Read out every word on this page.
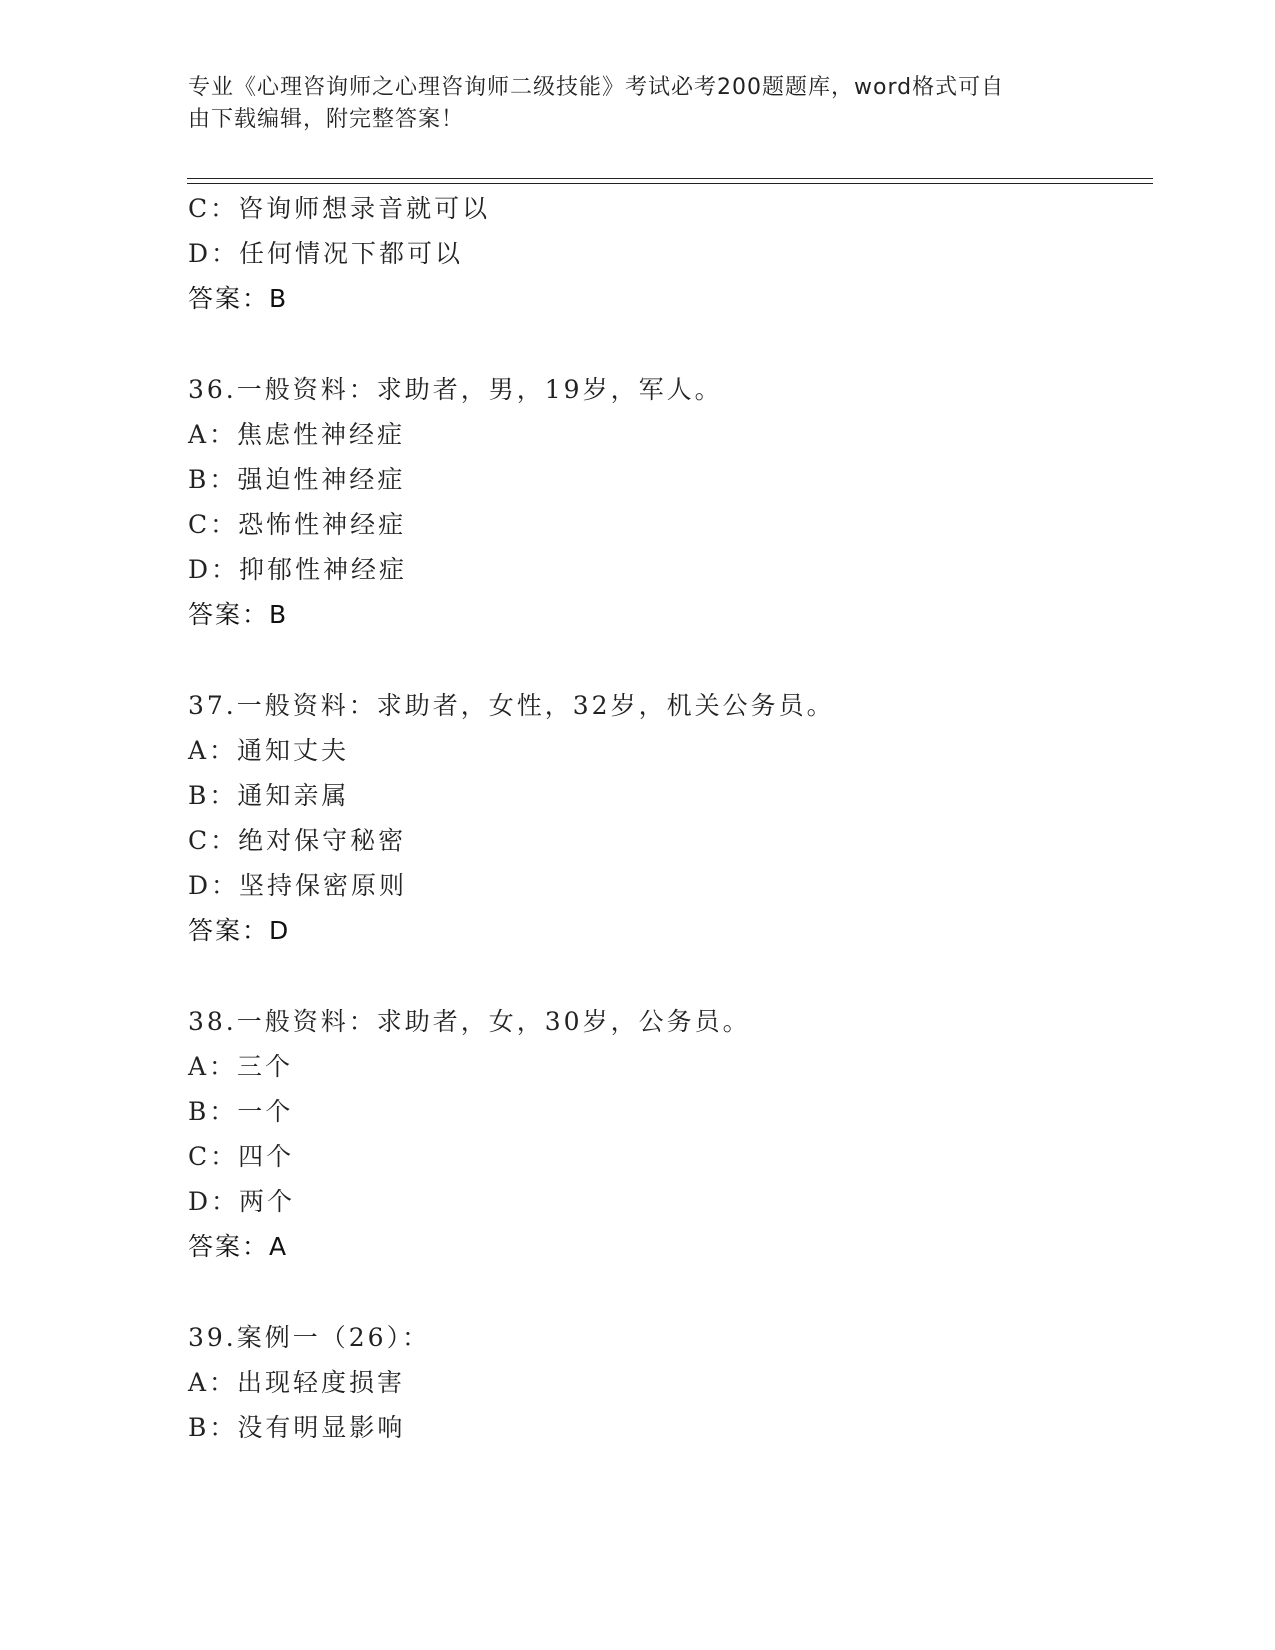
专业《心理咨询师之心理咨询师二级技能》考试必考200题题库，word格式可自
由下载编辑，附完整答案！
C：咨询师想录音就可以
D：任何情况下都可以
答案：B
36.一般资料：求助者，男，19岁，军人。
A：焦虑性神经症
B：强迫性神经症
C：恐怖性神经症
D：抑郁性神经症
答案：B
37.一般资料：求助者，女性，32岁，机关公务员。
A：通知丈夫
B：通知亲属
C：绝对保守秘密
D：坚持保密原则
答案：D
38.一般资料：求助者，女，30岁，公务员。
A：三个
B：一个
C：四个
D：两个
答案：A
39.案例一（26）：
A：出现轻度损害
B：没有明显影响
